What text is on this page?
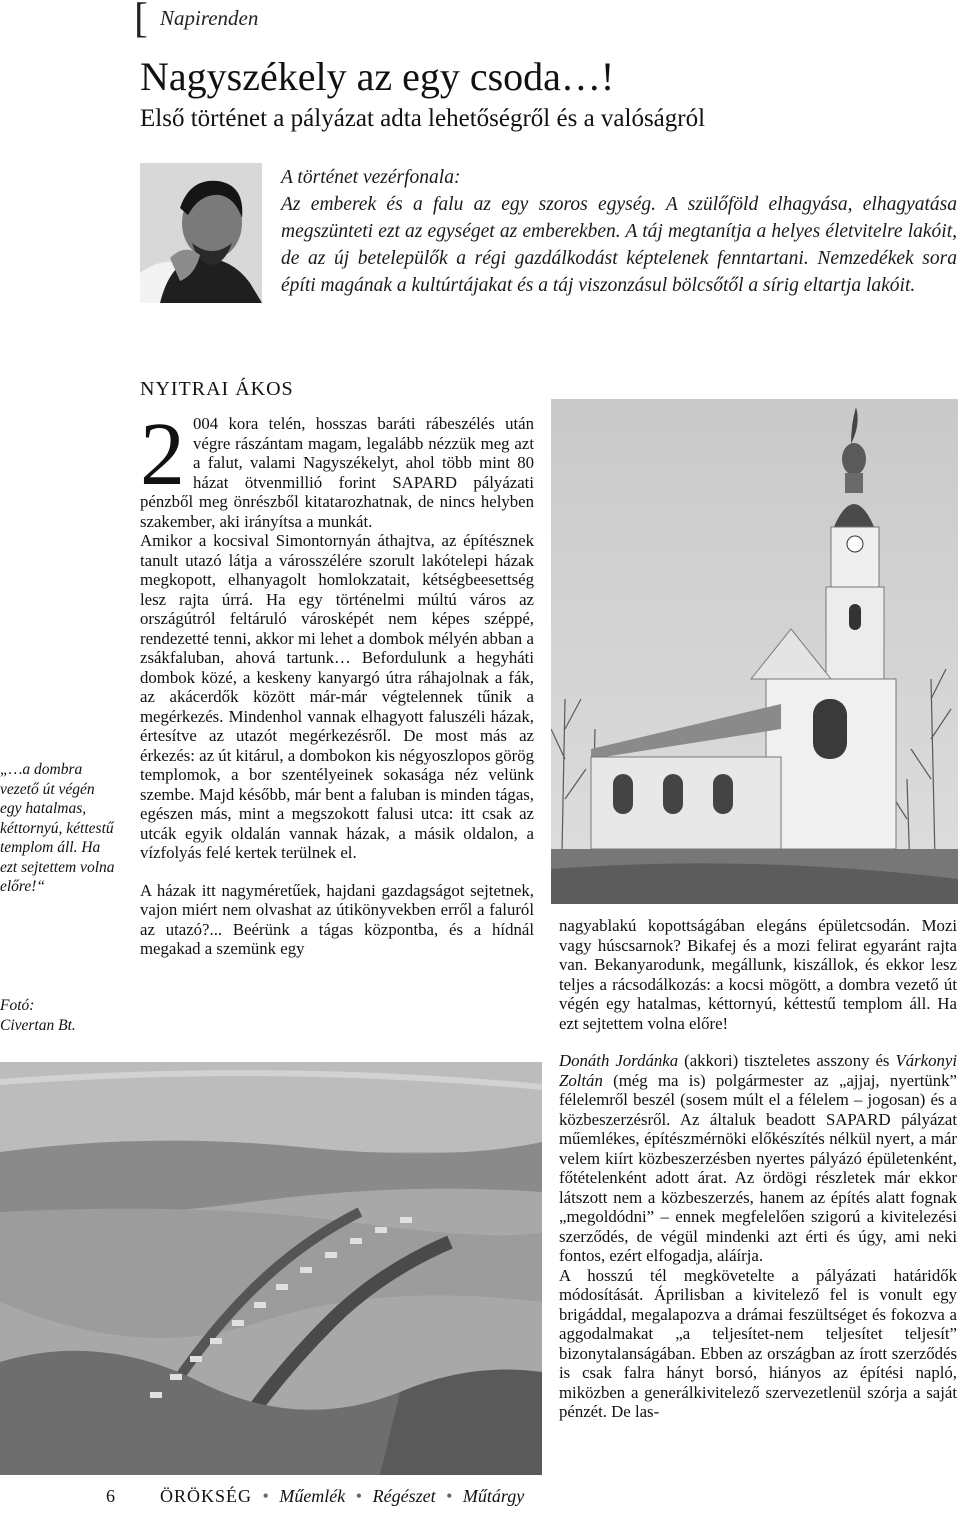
[ Napirenden
Nagyszékely az egy csoda…!
Első történet a pályázat adta lehetőségről és a valóságról

A történet vezérfonala:

Az emberek és a falu az egy szoros egység. A szülőföld elhagyása, elhagyatása megszünteti ezt az egységet az emberekben. A táj megtanítja a helyes életvitelre lakóit, de az új betelepülők a régi gazdálkodást képtelenek fenntartani. Nemzedékek sora építi magának a kultúrtájakat és a táj viszonzásul bölcsőtől a sírig eltartja lakóit.

NYITRAI ÁKOS
2 004 kora telén, hosszas baráti rábeszélés után végre rászántam magam, legalább nézzük meg azt a falut, valami Nagyszékelyt, ahol több mint 80 házat ötvenmillió forint SAPARD pályázati pénzből meg önrészből kitatarozhatnak, de nincs helyben szakember, aki irányítsa a munkát.

Amikor a kocsival Simontornyán áthajtva, az építésznek tanult utazó látja a városszélére szorult lakótelepi házak megkopott, elhanyagolt homlokzatait, kétségbeesettség lesz rajta úrrá. Ha egy történelmi múltú város az országútról feltáruló városképét nem képes széppé, rendezetté tenni, akkor mi lehet a dombok mélyén abban a zsákfaluban, ahová tartunk… Befordulunk a hegyháti dombok közé, a keskeny kanyargó útra ráhajolnak a fák, az akácerdők között már-már végtelennek tűnik a megérkezés. Mindenhol vannak elhagyott faluszéli házak, értesítve az utazót megérkezésről. De most más az érkezés: az út kitárul, a dombokon kis négyoszlopos görög templomok, a bor szentélyeinek sokasága néz velünk szembe. Majd később, már bent a faluban is minden tágas, egészen más, mint a megszokott falusi utca: itt csak az utcák egyik oldalán vannak házak, a másik oldalon, a vízfolyás felé kertek terülnek el.

A házak itt nagyméretűek, hajdani gazdagságot sejtetnek, vajon miért nem olvashat az útikönyvekben erről a faluról az utazó?... Beérünk a tágas központba, és a hídnál megakad a szemünk egy

„…a dombra vezető út végén egy hatalmas, kéttornyú, kéttestű templom áll. Ha ezt sejtettem volna előre!“
Fotó:
Civertan Bt.

nagyablakú kopottságában elegáns épületcsodán. Mozi vagy húscsarnok? Bikafej és a mozi felirat egyaránt rajta van. Bekanyarodunk, megállunk, kiszállok, és ekkor lesz teljes a rácsodálkozás: a kocsi mögött, a dombra vezető út végén egy hatalmas, kéttornyú, kéttestű templom áll. Ha ezt sejtettem volna előre!

Donáth Jordánka (akkori) tiszteletes asszony és Várkonyi Zoltán (még ma is) polgármester az „ajjaj, nyertünk” félelemről beszél (sosem múlt el a félelem – jogosan) és a közbeszerzésről. Az általuk beadott SAPARD pályázat műemlékes, építészmérnöki előkészítés nélkül nyert, a már velem kiírt közbeszerzésben nyertes pályázó épületenként, főtételenként adott árat. Az ördögi részletek már ekkor látszott nem a közbeszerzés, hanem az építés alatt fognak „megoldódni” – ennek megfelelően szigorú a kivitelezési szerződés, de végül mindenki azt érti és úgy, ami neki fontos, ezért elfogadja, aláírja.

A hosszú tél megkövetelte a pályázati határidők módosítását. Áprilisban a kivitelező fel is vonult egy brigáddal, megalapozva a drámai feszültséget és fokozva a aggodalmakat „a teljesítet-nem teljesítet teljesít” bizonytalanságában. Ebben az országban az írott szerződés is csak falra hányt borsó, hiányos az építési napló, miközben a generálkivitelező szervezetlenül szórja a saját pénzét. De las-

6	ÖRÖKSÉG • Műemlék • Régészet • Műtárgy
